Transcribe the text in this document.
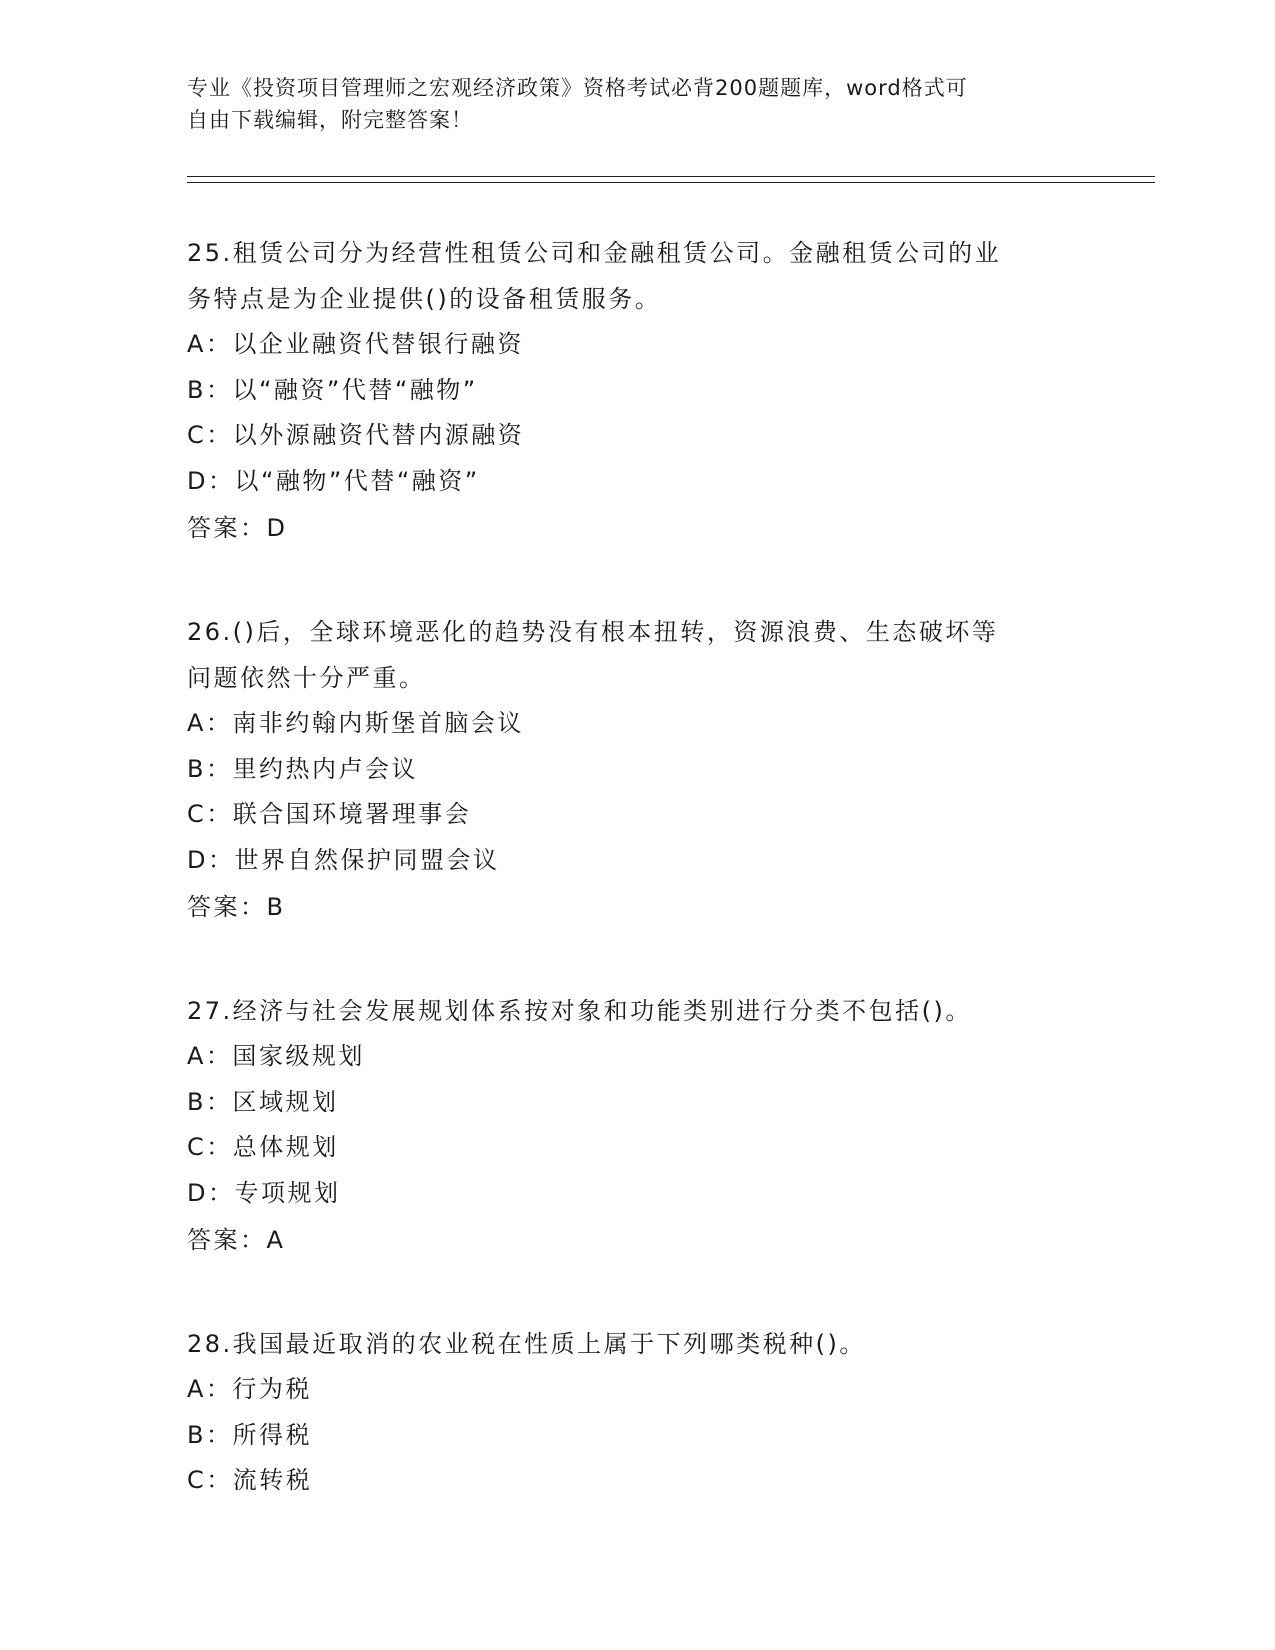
专业《投资项目管理师之宏观经济政策》资格考试必背200题题库，word格式可
自由下载编辑，附完整答案！
25.租赁公司分为经营性租赁公司和金融租赁公司。金融租赁公司的业
务特点是为企业提供()的设备租赁服务。
A：以企业融资代替银行融资
B：以“融资”代替“融物”
C：以外源融资代替内源融资
D：以“融物”代替“融资”
答案：D
26.()后，全球环境恶化的趋势没有根本扭转，资源浪费、生态破坏等
问题依然十分严重。
A：南非约翰内斯堡首脑会议
B：里约热内卢会议
C：联合国环境署理事会
D：世界自然保护同盟会议
答案：B
27.经济与社会发展规划体系按对象和功能类别进行分类不包括()。
A：国家级规划
B：区域规划
C：总体规划
D：专项规划
答案：A
28.我国最近取消的农业税在性质上属于下列哪类税种()。
A：行为税
B：所得税
C：流转税
